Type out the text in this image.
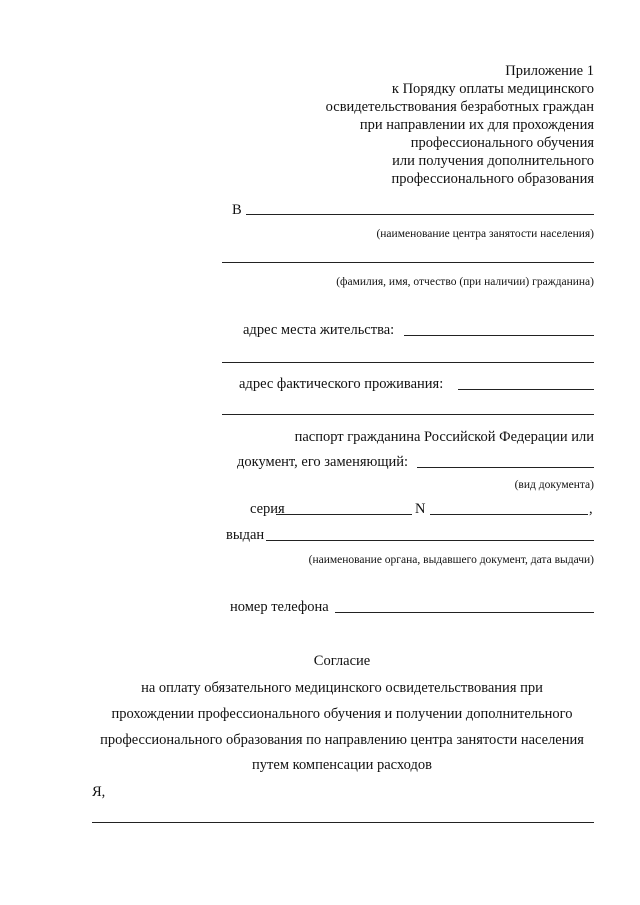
Приложение 1
к Порядку оплаты медицинского
освидетельствования безработных граждан
при направлении их для прохождения
профессионального обучения
или получения дополнительного
профессионального образования
В
(наименование центра занятости населения)
(фамилия, имя, отчество (при наличии) гражданина)
адрес места жительства:
адрес фактического проживания:
паспорт гражданина Российской Федерации или
документ, его заменяющий:
(вид документа)
серия	N	,
выдан
(наименование органа, выдавшего документ, дата выдачи)
номер телефона
Согласие
на оплату обязательного медицинского освидетельствования при
прохождении профессионального обучения и получении дополнительного
профессионального образования по направлению центра занятости населения
путем компенсации расходов
Я,
